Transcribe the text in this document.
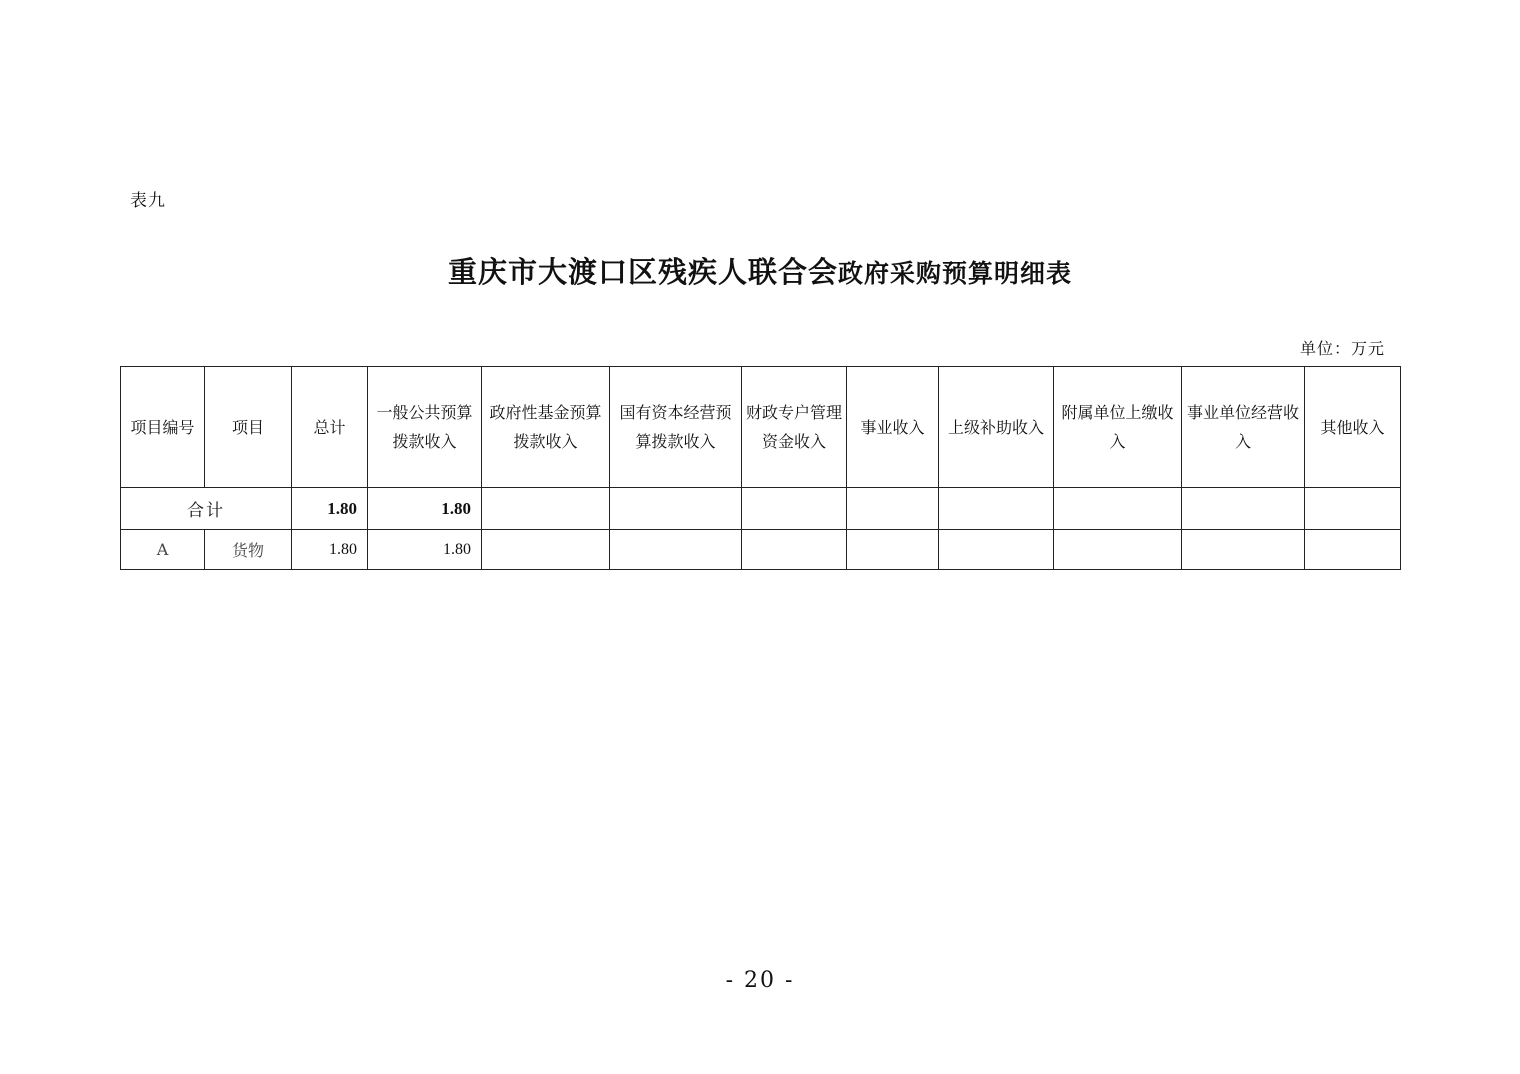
表九
重庆市大渡口区残疾人联合会政府采购预算明细表
单位：万元
项目编号	项目	总计	一般公共预算拨款收入	政府性基金预算拨款收入	国有资本经营预算拨款收入	财政专户管理资金收入	事业收入	上级补助收入	附属单位上缴收入	事业单位经营收入	其他收入
合计		1.80	1.80								
A	货物	1.80	1.80								
- 20 -
